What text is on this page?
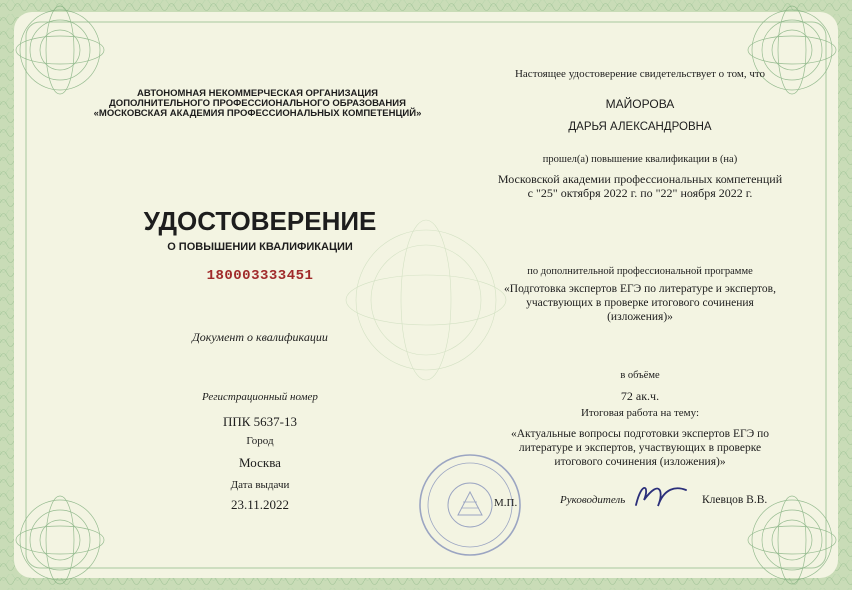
АВТОНОМНАЯ НЕКОММЕРЧЕСКАЯ ОРГАНИЗАЦИЯ
ДОПОЛНИТЕЛЬНОГО ПРОФЕССИОНАЛЬНОГО ОБРАЗОВАНИЯ
«МОСКОВСКАЯ АКАДЕМИЯ ПРОФЕССИОНАЛЬНЫХ КОМПЕТЕНЦИЙ»
УДОСТОВЕРЕНИЕ
О ПОВЫШЕНИИ КВАЛИФИКАЦИИ
180003333451
Документ о квалификации
Регистрационный номер
ППК 5637-13
Город
Москва
Дата выдачи
23.11.2022
Настоящее удостоверение свидетельствует о том, что
МАЙОРОВА
ДАРЬЯ АЛЕКСАНДРОВНА
прошел(а) повышение квалификации в (на)
Московской академии профессиональных компетенций
с "25" октября 2022 г. по "22" ноября 2022 г.
по дополнительной профессиональной программе
«Подготовка экспертов ЕГЭ по литературе и экспертов,
участвующих в проверке итогового сочинения
(изложения)»
в объёме
72 ак.ч.
Итоговая работа на тему:
«Актуальные вопросы подготовки экспертов ЕГЭ по
литературе и экспертов, участвующих в проверке
итогового сочинения (изложения)»
М.П.	Руководитель	Клевцов В.В.
